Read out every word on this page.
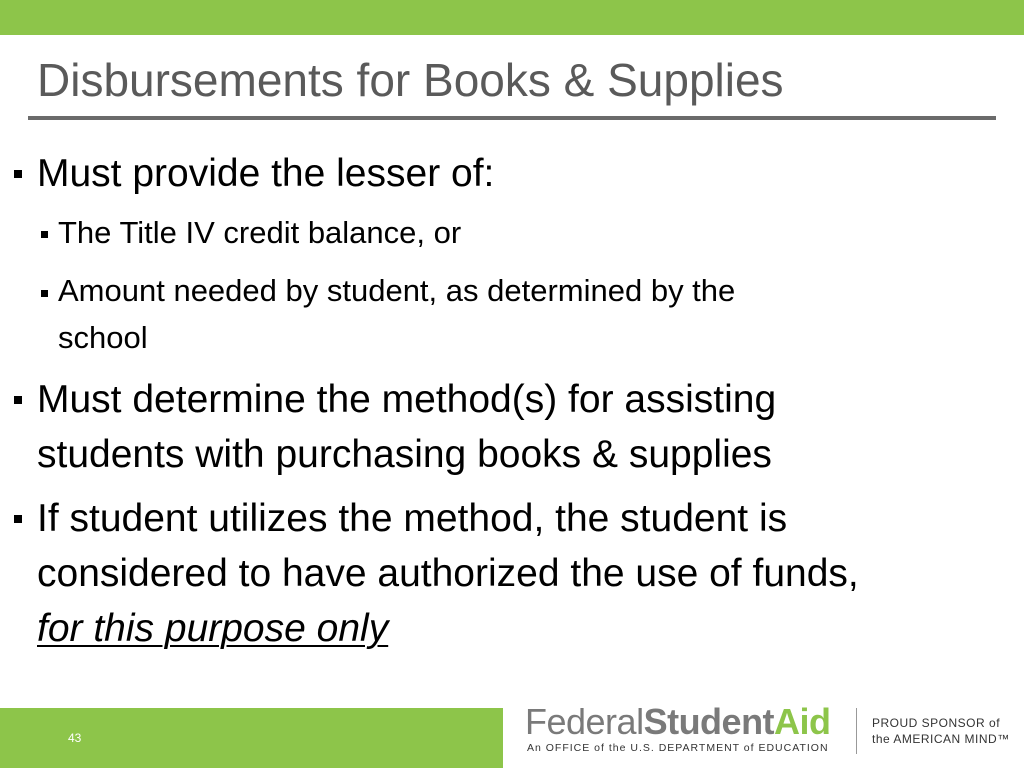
Disbursements for Books & Supplies
Must provide the lesser of:
The Title IV credit balance, or
Amount needed by student, as determined by the
school
Must determine the method(s) for assisting
students with purchasing books & supplies
If student utilizes the method, the student is
considered to have authorized the use of funds,
for this purpose only
43	FederalStudentAid
An OFFICE of the U.S. DEPARTMENT of EDUCATION
PROUD SPONSOR of
the AMERICAN MIND™
